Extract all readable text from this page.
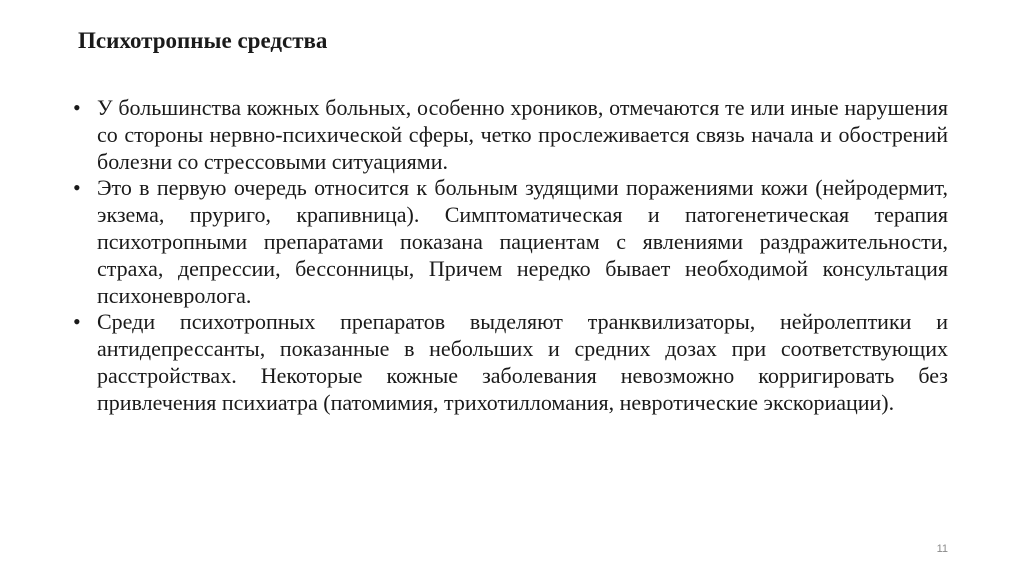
Психотропные средства
• У большинства кожных больных, особенно хроников, отмечаются те или иные нарушения со стороны нервно-психической сферы, четко прослеживается связь начала и обострений болезни со стрессовыми ситуациями.
• Это в первую очередь относится к больным зудящими поражениями кожи (нейродермит, экзема, пруриго, крапивница). Симптоматическая и патогенетическая терапия психотропными препаратами показана пациентам с явлениями раздражительности, страха, депрессии, бессонницы, Причем нередко бывает необходимой консультация психоневролога.
• Среди психотропных препаратов выделяют транквилизаторы, нейролептики и антидепрессанты, показанные в небольших и средних дозах при соответствующих расстройствах. Некоторые кожные заболевания невозможно корригировать без привлечения психиатра (патомимия, трихотилломания, невротические экскориации).
11
